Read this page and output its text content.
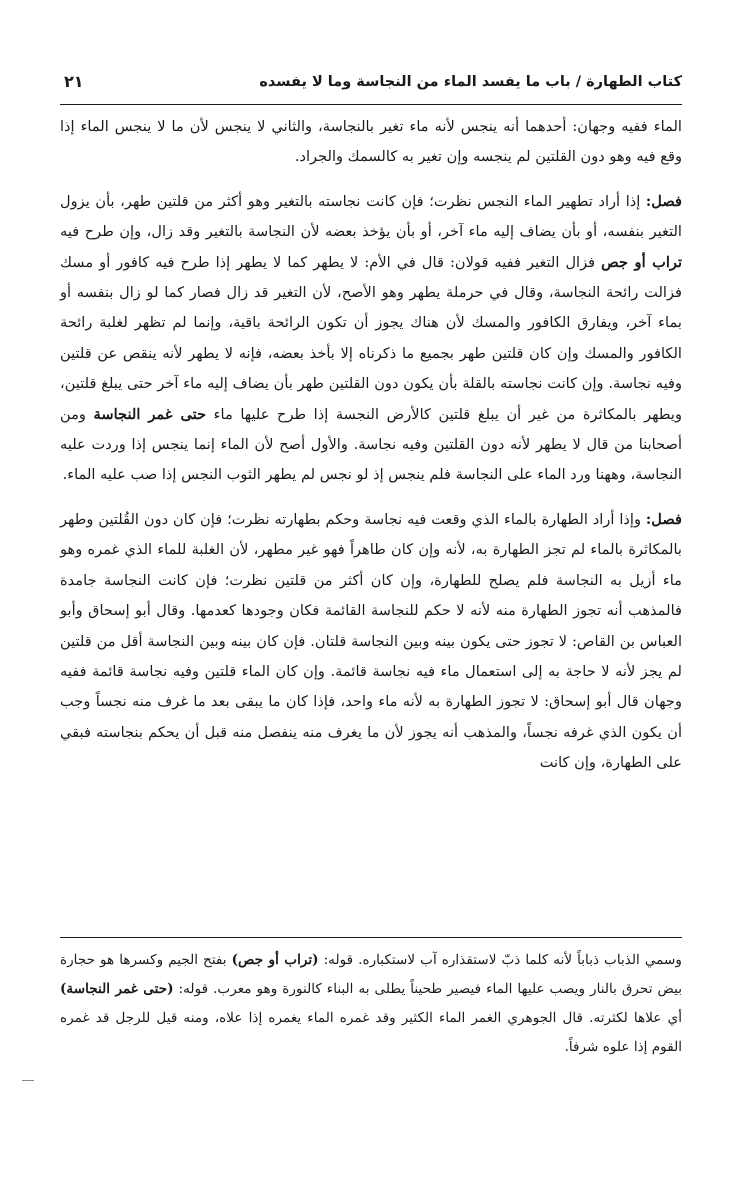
كتاب الطهارة / باب ما يفسد الماء من النجاسة وما لا يفسده
٢١

الماء ففيه وجهان: أحدهما أنه ينجس لأنه ماء تغير بالنجاسة، والثاني لا ينجس لأن ما لا ينجس الماء إذا وقع فيه وهو دون القلتين لم ينجسه وإن تغير به كالسمك والجراد.

فصل: إذا أراد تطهير الماء النجس نظرت؛ فإن كانت نجاسته بالتغير وهو أكثر من قلتين طهر، بأن يزول التغير بنفسه، أو بأن يضاف إليه ماء آخر، أو بأن يؤخذ بعضه لأن النجاسة بالتغير وقد زال، وإن طرح فيه تراب أو جص فزال التغير ففيه قولان: قال في الأم: لا يطهر كما لا يطهر إذا طرح فيه كافور أو مسك فزالت رائحة النجاسة، وقال في حرملة يطهر وهو الأصح، لأن التغير قد زال فصار كما لو زال بنفسه أو بماء آخر، ويفارق الكافور والمسك لأن هناك يجوز أن تكون الرائحة باقية، وإنما لم تظهر لغلبة رائحة الكافور والمسك وإن كان قلتين طهر بجميع ما ذكرناه إلا بأخذ بعضه، فإنه لا يطهر لأنه ينقص عن قلتين وفيه نجاسة. وإن كانت نجاسته بالقلة بأن يكون دون القلتين طهر بأن يضاف إليه ماء آخر حتى يبلغ قلتين، ويطهر بالمكاثرة من غير أن يبلغ قلتين كالأرض النجسة إذا طرح عليها ماء حتى غمر النجاسة ومن أصحابنا من قال لا يطهر لأنه دون القلتين وفيه نجاسة. والأول أصح لأن الماء إنما ينجس إذا وردت عليه النجاسة، وههنا ورد الماء على النجاسة فلم ينجس إذ لو نجس لم يطهر الثوب النجس إذا صب عليه الماء.

فصل: وإذا أراد الطهارة بالماء الذي وقعت فيه نجاسة وحكم بطهارته نظرت؛ فإن كان دون القُلتين وطهر بالمكاثرة بالماء لم تجز الطهارة به، لأنه وإن كان طاهراً فهو غير مطهر، لأن الغلبة للماء الذي غمره وهو ماء أزيل به النجاسة فلم يصلح للطهارة، وإن كان أكثر من قلتين نظرت؛ فإن كانت النجاسة جامدة فالمذهب أنه تجوز الطهارة منه لأنه لا حكم للنجاسة القائمة فكان وجودها كعدمها. وقال أبو إسحاق وأبو العباس بن القاص: لا تجوز حتى يكون بينه وبين النجاسة قلتان. فإن كان بينه وبين النجاسة أقل من قلتين لم يجز لأنه لا حاجة به إلى استعمال ماء فيه نجاسة قائمة. وإن كان الماء قلتين وفيه نجاسة قائمة ففيه وجهان قال أبو إسحاق: لا تجوز الطهارة به لأنه ماء واحد، فإذا كان ما يبقى بعد ما غرف منه نجساً وجب أن يكون الذي غرفه نجساً، والمذهب أنه يجوز لأن ما يغرف منه ينفصل منه قبل أن يحكم بنجاسته فبقي على الطهارة، وإن كانت

وسمي الذباب ذباباً لأنه كلما ذبّ لاستقذاره آب لاستكباره. قوله: (تراب أو جص) بفتح الجيم وكسرها هو حجارة بيض تحرق بالنار ويصب عليها الماء فيصير طحيناً يطلى به البناء كالنورة وهو معرب. قوله: (حتى غمر النجاسة) أي علاها لكثرته. قال الجوهري الغمر الماء الكثير وقد غمره الماء يغمره إذا علاه، ومنه قيل للرجل قد غمره القوم إذا علوه شرفاً.
